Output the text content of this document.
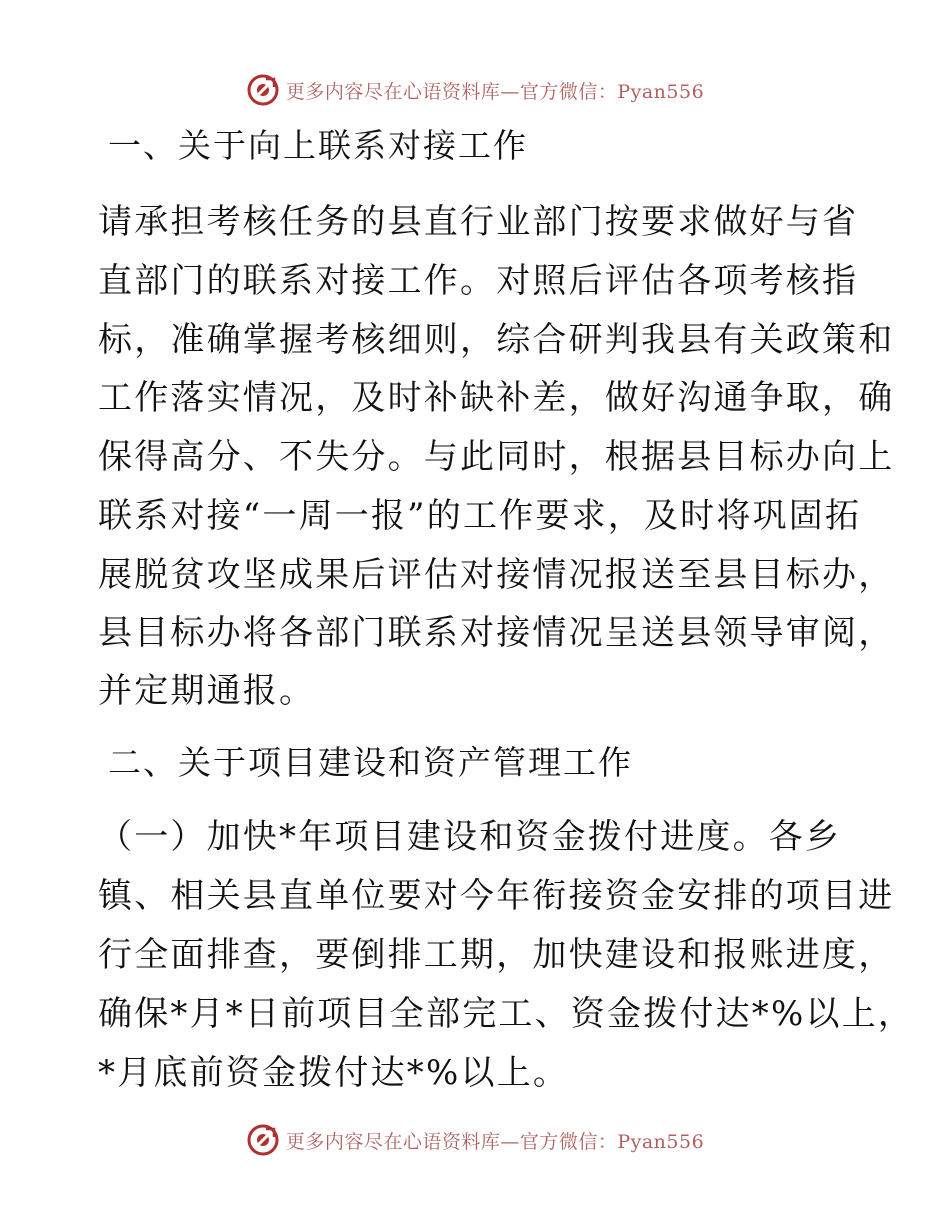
更多内容尽在心语资料库—官方微信：Pyan556

一、关于向上联系对接工作

请承担考核任务的县直行业部门按要求做好与省

直部门的联系对接工作。对照后评估各项考核指

标，准确掌握考核细则，综合研判我县有关政策和

工作落实情况，及时补缺补差，做好沟通争取，确

保得高分、不失分。与此同时，根据县目标办向上

联系对接“一周一报”的工作要求，及时将巩固拓

展脱贫攻坚成果后评估对接情况报送至县目标办，

县目标办将各部门联系对接情况呈送县领导审阅，

并定期通报。

二、关于项目建设和资产管理工作

（一）加快*年项目建设和资金拨付进度。各乡

镇、相关县直单位要对今年衔接资金安排的项目进

行全面排查，要倒排工期，加快建设和报账进度，

确保*月*日前项目全部完工、资金拨付达*%以上，

*月底前资金拨付达*%以上。

更多内容尽在心语资料库—官方微信：Pyan556
